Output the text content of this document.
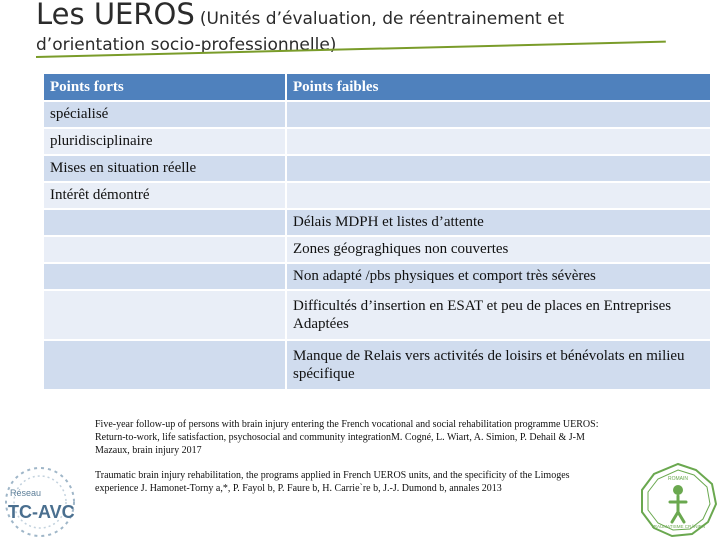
Les UEROS (Unités d’évaluation, de réentrainement et
d’orientation socio-professionnelle)
Points forts	Points faibles
spécialisé	
pluridisciplinaire	
Mises en situation réelle	
Intérêt démontré	
	Délais MDPH et listes d’attente
	Zones géograghiques non couvertes
	Non adapté /pbs physiques et comport très sévères
	Difficultés d’insertion en ESAT et peu de places en Entreprises Adaptées
	Manque de Relais vers activités de loisirs et bénévolats en milieu spécifique

Five-year follow-up of persons with brain injury entering the French vocational and social rehabilitation programme UEROS: Return-to-work, life satisfaction, psychosocial and community integrationM. Cogné, L. Wiart, A. Simion, P. Dehail & J-M Mazaux, brain injury 2017

Traumatic brain injury rehabilitation, the programs applied in French UEROS units, and the specificity of the Limoges experience J. Hamonet-Torny a,*, P. Fayol b, P. Faure b, H. Carrie`re b, J.-J. Dumond b, annales 2013

Réseau
TC-AVC
ROMAIN
TRAUMATISME CRÂNIEN
